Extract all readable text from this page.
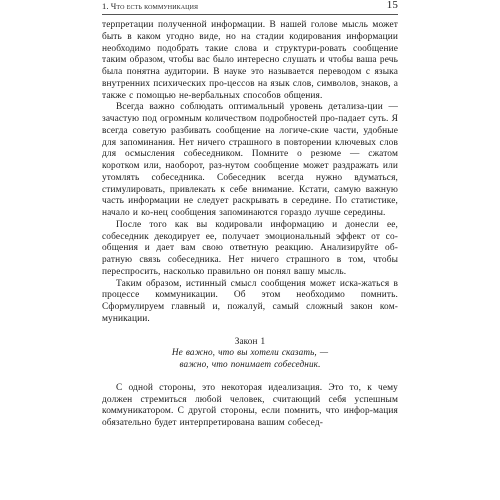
1. Что есть коммуникация	15

терпретации полученной информации. В нашей голове мысль может быть в каком угодно виде, но на стадии кодирования информации необходимо подобрать такие слова и структури-ровать сообщение таким образом, чтобы вас было интересно слушать и чтобы ваша речь была понятна аудитории. В науке это называется переводом с языка внутренних психических про-цессов на язык слов, символов, знаков, а также с помощью не-вербальных способов общения.

Всегда важно соблюдать оптимальный уровень детализа-ции — зачастую под огромным количеством подробностей про-падает суть. Я всегда советую разбивать сообщение на логиче-ские части, удобные для запоминания. Нет ничего страшного в повторении ключевых слов для осмысления собеседником. Помните о резюме — сжатом коротком или, наоборот, раз-нутом сообщение может раздражать или утомлять собеседника. Собеседник всегда нужно вдуматься, стимулировать, привлекать к себе внимание. Кстати, самую важную часть информации не следует раскрывать в середине. По статистике, начало и ко-нец сообщения запоминаются гораздо лучше середины.

После того как вы кодировали информацию и донесли ее, собеседник декодирует ее, получает эмоциональный эффект от со-общения и дает вам свою ответную реакцию. Анализируйте об-ратную связь собеседника. Нет ничего страшного в том, чтобы переспросить, насколько правильно он понял вашу мысль.

Таким образом, истинный смысл сообщения может иска-жаться в процессе коммуникации. Об этом необходимо помнить. Сформулируем главный и, пожалуй, самый сложный закон ком-муникации.

Закон 1
Не важно, что вы хотели сказать, —
важно, что понимает собеседник.

С одной стороны, это некоторая идеализация. Это то, к чему должен стремиться любой человек, считающий себя успешным коммуникатором. С другой стороны, если помнить, что инфор-мация обязательно будет интерпретирована вашим собесед-
